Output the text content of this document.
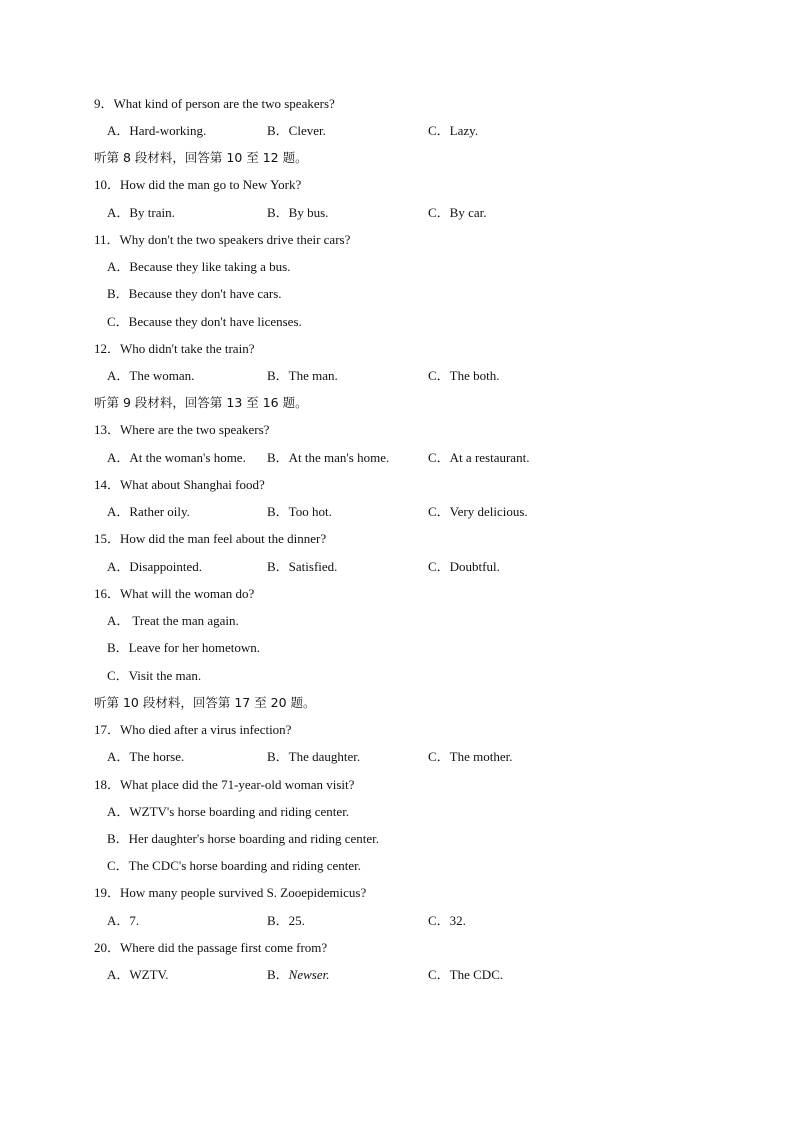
9．What kind of person are the two speakers?
A．Hard-working.	B．Clever.	C．Lazy.
听第 8 段材料，回答第 10 至 12 题。
10．How did the man go to New York?
A．By train.	B．By bus.	C．By car.
11．Why don't the two speakers drive their cars?
A．Because they like taking a bus.
B．Because they don't have cars.
C．Because they don't have licenses.
12．Who didn't take the train?
A．The woman.	B．The man.	C．The both.
听第 9 段材料，回答第 13 至 16 题。
13．Where are the two speakers?
A．At the woman's home. B．At the man's home.	C．At a restaurant.
14．What about Shanghai food?
A．Rather oily.	B．Too hot.	C．Very delicious.
15．How did the man feel about the dinner?
A．Disappointed.	B．Satisfied.	C．Doubtful.
16．What will the woman do?
A． Treat the man again.
B．Leave for her hometown.
C．Visit the man.
听第 10 段材料，回答第 17 至 20 题。
17．Who died after a virus infection?
A．The horse.	B．The daughter.	C．The mother.
18．What place did the 71-year-old woman visit?
A．WZTV's horse boarding and riding center.
B．Her daughter's horse boarding and riding center.
C．The CDC's horse boarding and riding center.
19．How many people survived S. Zooepidemicus?
A．7.	B．25.	C．32.
20．Where did the passage first come from?
A．WZTV.	B．Newser.	C．The CDC.
